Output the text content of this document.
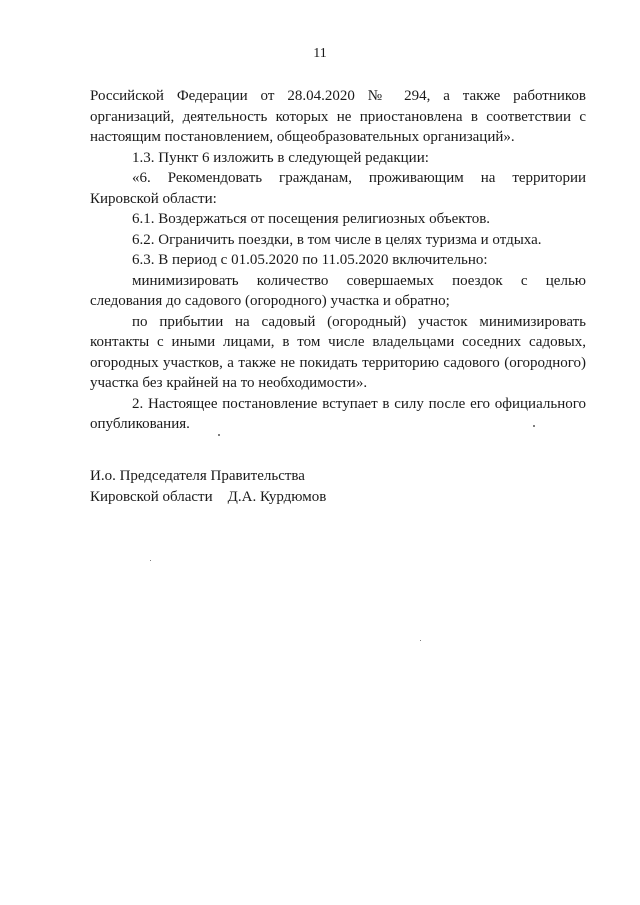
11

Российской Федерации от 28.04.2020 № 294, а также работников организаций, деятельность которых не приостановлена в соответствии с настоящим постановлением, общеобразовательных организаций».

1.3. Пункт 6 изложить в следующей редакции:

«6. Рекомендовать гражданам, проживающим на территории Кировской области:

6.1. Воздержаться от посещения религиозных объектов.

6.2. Ограничить поездки, в том числе в целях туризма и отдыха.

6.3. В период с 01.05.2020 по 11.05.2020 включительно:

минимизировать количество совершаемых поездок с целью следования до садового (огородного) участка и обратно;

по прибытии на садовый (огородный) участок минимизировать контакты с иными лицами, в том числе владельцами соседних садовых, огородных участков, а также не покидать территорию садового (огородного) участка без крайней на то необходимости».

2. Настоящее постановление вступает в силу после его официального опубликования.

И.о. Председателя Правительства
Кировской области    Д.А. Курдюмов
